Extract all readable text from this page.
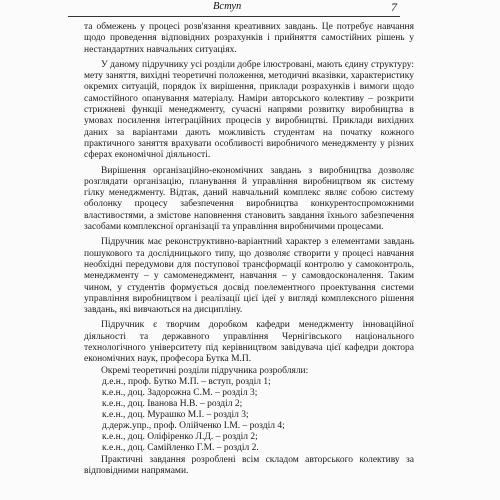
Вступ	7

та обмежень у процесі розв'язання креативних завдань. Це потребує навчання щодо проведення відповідних розрахунків і прийняття самостійних рішень у нестандартних навчальних ситуаціях.

У даному підручнику усі розділи добре ілюстровані, мають єдину структуру: мету заняття, вихідні теоретичні положення, методичні вказівки, характеристику окремих ситуацій, порядок їх вирішення, приклади розрахунків і вимоги щодо самостійного опанування матеріалу. Наміри авторського колективу – розкрити стрижневі функції менеджменту, сучасні напрями розвитку виробництва в умовах посилення інтеграційних процесів у виробництві. Приклади вихідних даних за варіантами дають можливість студентам на початку кожного практичного заняття врахувати особливості виробничого менеджменту у різних сферах економічної діяльності.

Вирішення організаційно-економічних завдань з виробництва дозволяє розглядати організацію, планування й управління виробництвом як систему гілку менеджменту. Відтак, даний навчальний комплекс являє собою систему оболонку процесу забезпечення виробництва конкурентоспроможними властивостями, а змістове наповнення становить завдання їхнього забезпечення засобами комплексної організації та управління виробничими процесами.

Підручник має реконструктивно-варіантний характер з елементами завдань пошукового та дослідницького типу, що дозволяє створити у процесі навчання необхідні передумови для поступової трансформації контролю у самоконтроль, менеджменту – у самоменеджмент, навчання – у самовдосконалення. Таким чином, у студентів формується досвід поелементного проектування системи управління виробництвом і реалізації цієї ідеї у вигляді комплексного рішення завдань, які вивчаються на дисципліну.

Підручник є творчим доробком кафедри менеджменту інноваційної діяльності та державного управління Чернігівського національного технологічного університету під керівництвом завідувача цієї кафедри доктора економічних наук, професора Бутка М.П.

Окремі теоретичні розділи підручника розробляли:

д.е.н., проф. Бутко М.П. – вступ, розділ 1;
к.е.н., доц. Задорожна С.М. – розділ 3;
к.е.н., доц. Іванова Н.В. – розділ 2;
к.е.н., доц. Мурашко М.І. – розділ 3;
д.держ.упр., проф. Олійченко І.М. – розділ 4;
к.е.н., доц. Оліфіренко Л.Д. – розділ 2;
к.е.н., доц. Самійленко Г.М. – розділ 2.

Практичні завдання розроблені всім складом авторського колективу за відповідними напрямами.
